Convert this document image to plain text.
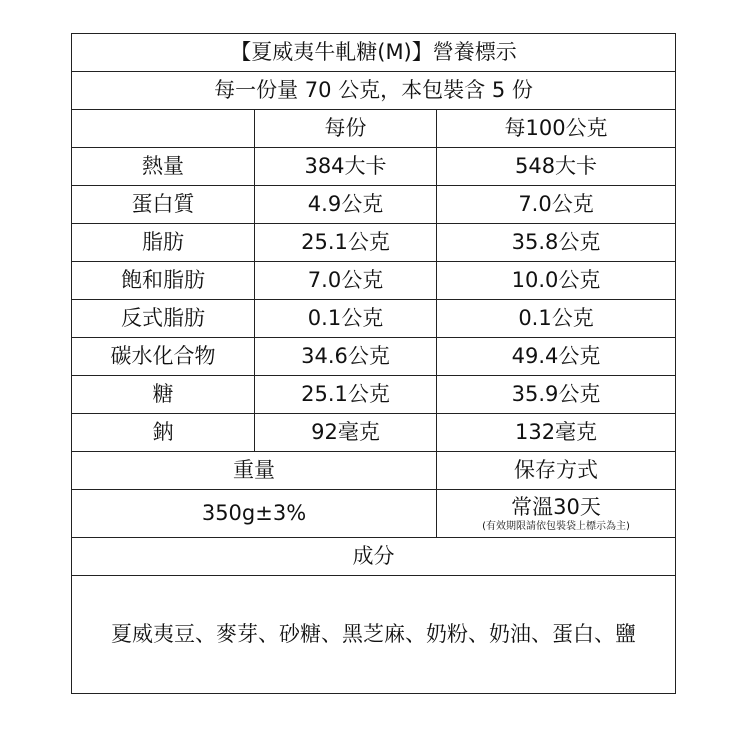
【夏威夷牛軋糖(M)】營養標示		
每一份量 70 公克，本包裝含 5 份		
	每份	每100公克
熱量	384大卡	548大卡
蛋白質	4.9公克	7.0公克
脂肪	25.1公克	35.8公克
飽和脂肪	7.0公克	10.0公克
反式脂肪	0.1公克	0.1公克
碳水化合物	34.6公克	49.4公克
糖	25.1公克	35.9公克
鈉	92毫克	132毫克
重量		保存方式
350g±3%		常溫30天
(有效期限請依包裝袋上標示為主)

成分		
夏威夷豆、麥芽、砂糖、黑芝麻、奶粉、奶油、蛋白、鹽		
